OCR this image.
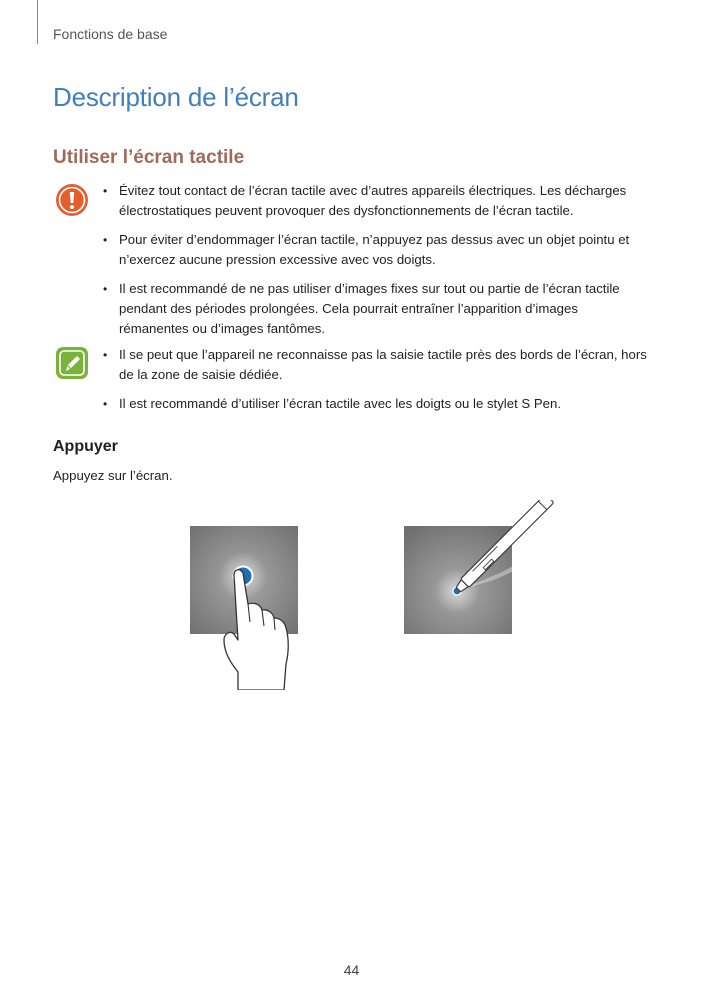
Fonctions de base
Description de l’écran
Utiliser l’écran tactile
• Évitez tout contact de l’écran tactile avec d’autres appareils électriques. Les décharges électrostatiques peuvent provoquer des dysfonctionnements de l’écran tactile.
• Pour éviter d’endommager l’écran tactile, n’appuyez pas dessus avec un objet pointu et n’exercez aucune pression excessive avec vos doigts.
• Il est recommandé de ne pas utiliser d’images fixes sur tout ou partie de l’écran tactile pendant des périodes prolongées. Cela pourrait entraîner l’apparition d’images rémanentes ou d’images fantômes.
• Il se peut que l’appareil ne reconnaisse pas la saisie tactile près des bords de l’écran, hors de la zone de saisie dédiée.
• Il est recommandé d’utiliser l’écran tactile avec les doigts ou le stylet S Pen.
Appuyer

Appuyez sur l’écran.

44
